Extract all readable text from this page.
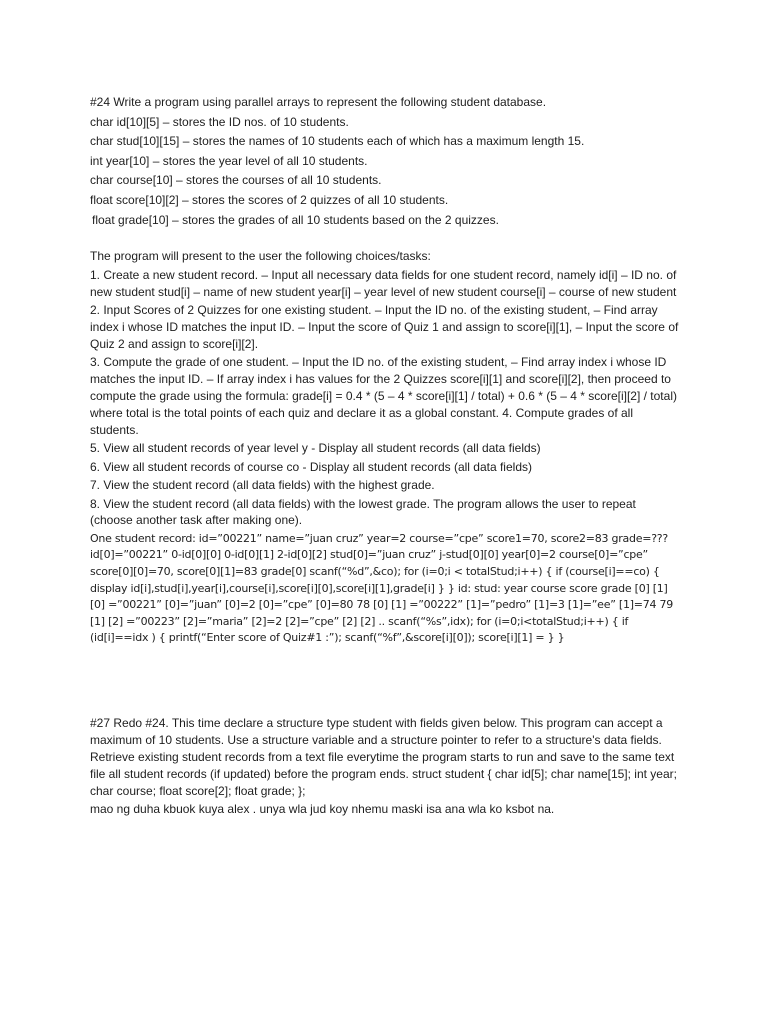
#24 Write a program using parallel arrays to represent the following student database.
char id[10][5] – stores the ID nos. of 10 students.
char stud[10][15] – stores the names of 10 students each of which has a maximum length 15.
int year[10] – stores the year level of all 10 students.
char course[10] – stores the courses of all 10 students.
float score[10][2] – stores the scores of 2 quizzes of all 10 students.
float grade[10] – stores the grades of all 10 students based on the 2 quizzes.
The program will present to the user the following choices/tasks:

1. Create a new student record. – Input all necessary data fields for one student record, namely id[i] – ID no. of new student stud[i] – name of new student year[i] – year level of new student course[i] – course of new student

2. Input Scores of 2 Quizzes for one existing student. – Input the ID no. of the existing student, – Find array index i whose ID matches the input ID. – Input the score of Quiz 1 and assign to score[i][1], – Input the score of Quiz 2 and assign to score[i][2].

3. Compute the grade of one student. – Input the ID no. of the existing student, – Find array index i whose ID matches the input ID. – If array index i has values for the 2 Quizzes score[i][1] and score[i][2], then proceed to compute the grade using the formula: grade[i] = 0.4 * (5 – 4 * score[i][1] / total) + 0.6 * (5 – 4 * score[i][2] / total) where total is the total points of each quiz and declare it as a global constant. 4. Compute grades of all students.

5. View all student records of year level y - Display all student records (all data fields)

6. View all student records of course co - Display all student records (all data fields)

7. View the student record (all data fields) with the highest grade.

8. View the student record (all data fields) with the lowest grade. The program allows the user to repeat (choose another task after making one).

One student record: id=”00221” name=”juan cruz” year=2 course=”cpe” score1=70, score2=83 grade=??? id[0]=”00221” 0-id[0][0] 0-id[0][1] 2-id[0][2] stud[0]=”juan cruz” j-stud[0][0] year[0]=2 course[0]=”cpe” score[0][0]=70, score[0][1]=83 grade[0] scanf(“%d”,&co); for (i=0;i < totalStud;i++) { if (course[i]==co) { display id[i],stud[i],year[i],course[i],score[i][0],score[i][1],grade[i] } } id: stud: year course score grade [0] [1] [0] =”00221” [0]=”juan” [0]=2 [0]=”cpe” [0]=80 78 [0] [1] =”00222” [1]=”pedro” [1]=3 [1]=”ee” [1]=74 79 [1] [2] =”00223” [2]=”maria” [2]=2 [2]=”cpe” [2] [2] .. scanf(“%s”,idx); for (i=0;i<totalStud;i++) { if (id[i]==idx ) { printf(“Enter score of Quiz#1 :”); scanf(“%f”,&score[i][0]); score[i][1] = } }

#27 Redo #24. This time declare a structure type student with fields given below. This program can accept a maximum of 10 students. Use a structure variable and a structure pointer to refer to a structure's data fields. Retrieve existing student records from a text file everytime the program starts to run and save to the same text file all student records (if updated) before the program ends. struct student { char id[5]; char name[15]; int year; char course; float score[2]; float grade; };

mao ng duha kbuok kuya alex . unya wla jud koy nhemu maski isa ana wla ko ksbot na.
